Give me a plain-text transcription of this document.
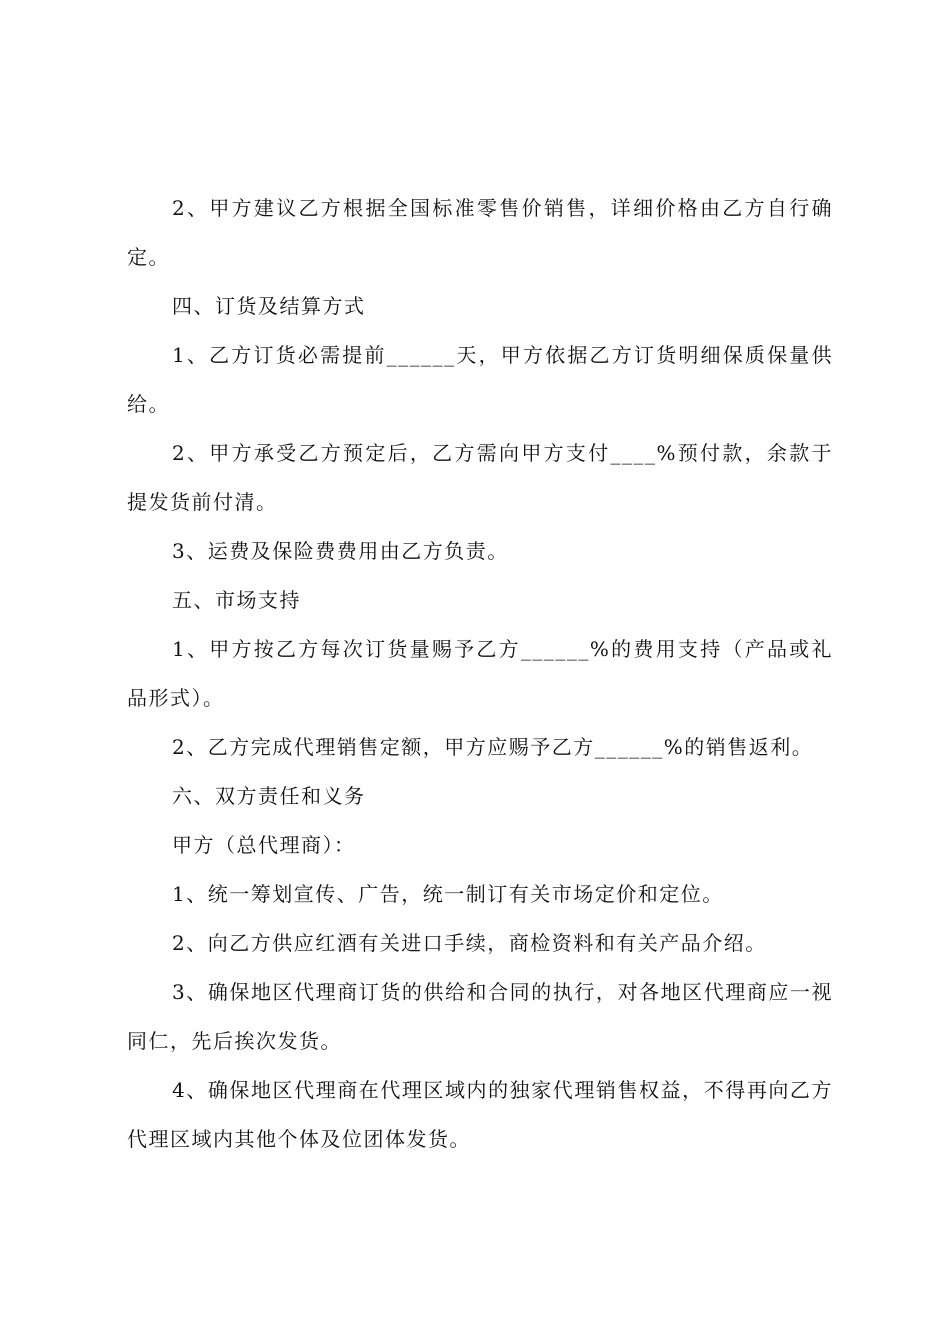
2、甲方建议乙方根据全国标准零售价销售，详细价格由乙方自行确定。

四、订货及结算方式

1、乙方订货必需提前______天，甲方依据乙方订货明细保质保量供给。

2、甲方承受乙方预定后，乙方需向甲方支付____%预付款，余款于提发货前付清。

3、运费及保险费费用由乙方负责。

五、市场支持

1、甲方按乙方每次订货量赐予乙方______%的费用支持（产品或礼品形式）。

2、乙方完成代理销售定额，甲方应赐予乙方______%的销售返利。

六、双方责任和义务

甲方（总代理商）：

1、统一筹划宣传、广告，统一制订有关市场定价和定位。

2、向乙方供应红酒有关进口手续，商检资料和有关产品介绍。

3、确保地区代理商订货的供给和合同的执行，对各地区代理商应一视同仁，先后挨次发货。

4、确保地区代理商在代理区域内的独家代理销售权益，不得再向乙方代理区域内其他个体及位团体发货。
